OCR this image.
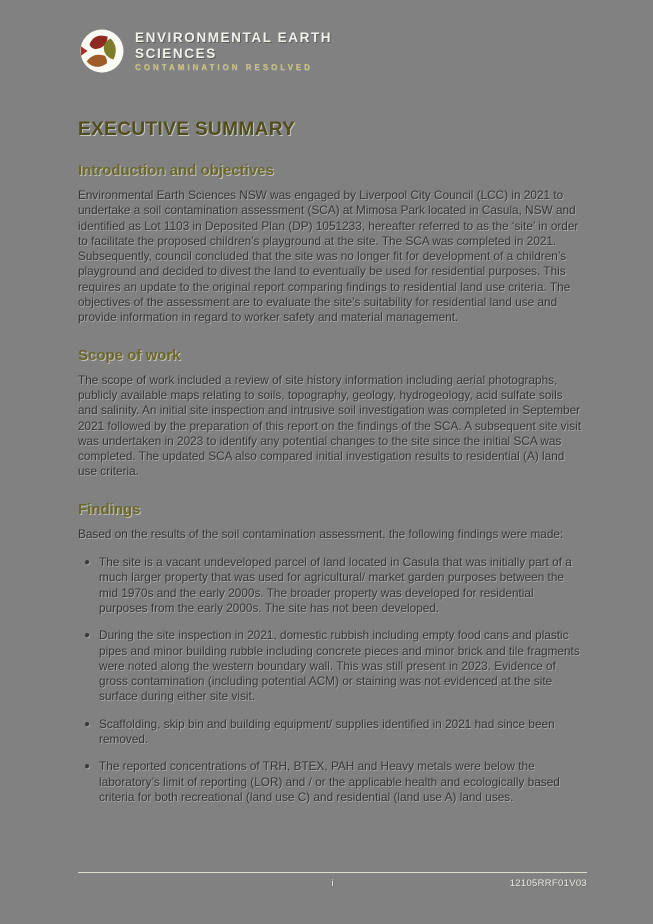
ENVIRONMENTAL EARTH
SCIENCES
CONTAMINATION RESOLVED
EXECUTIVE SUMMARY
Introduction and objectives

Environmental Earth Sciences NSW was engaged by Liverpool City Council (LCC) in 2021 to undertake a soil contamination assessment (SCA) at Mimosa Park located in Casula, NSW and identified as Lot 1103 in Deposited Plan (DP) 1051233, hereafter referred to as the ‘site’ in order to facilitate the proposed children’s playground at the site. The SCA was completed in 2021. Subsequently, council concluded that the site was no longer fit for development of a children’s playground and decided to divest the land to eventually be used for residential purposes. This requires an update to the original report comparing findings to residential land use criteria. The objectives of the assessment are to evaluate the site’s suitability for residential land use and provide information in regard to worker safety and material management.

Scope of work

The scope of work included a review of site history information including aerial photographs, publicly available maps relating to soils, topography, geology, hydrogeology, acid sulfate soils and salinity. An initial site inspection and intrusive soil investigation was completed in September 2021 followed by the preparation of this report on the findings of the SCA. A subsequent site visit was undertaken in 2023 to identify any potential changes to the site since the initial SCA was completed. The updated SCA also compared initial investigation results to residential (A) land use criteria.

Findings

Based on the results of the soil contamination assessment, the following findings were made:

● The site is a vacant undeveloped parcel of land located in Casula that was initially part of a much larger property that was used for agricultural/ market garden purposes between the mid 1970s and the early 2000s. The broader property was developed for residential purposes from the early 2000s. The site has not been developed.
● During the site inspection in 2021, domestic rubbish including empty food cans and plastic pipes and minor building rubble including concrete pieces and minor brick and tile fragments were noted along the western boundary wall. This was still present in 2023. Evidence of gross contamination (including potential ACM) or staining was not evidenced at the site surface during either site visit.
● Scaffolding, skip bin and building equipment/ supplies identified in 2021 had since been removed.
● The reported concentrations of TRH, BTEX, PAH and Heavy metals were below the laboratory’s limit of reporting (LOR) and / or the applicable health and ecologically based criteria for both recreational (land use C) and residential (land use A) land uses.
i	12105RRF01V03
